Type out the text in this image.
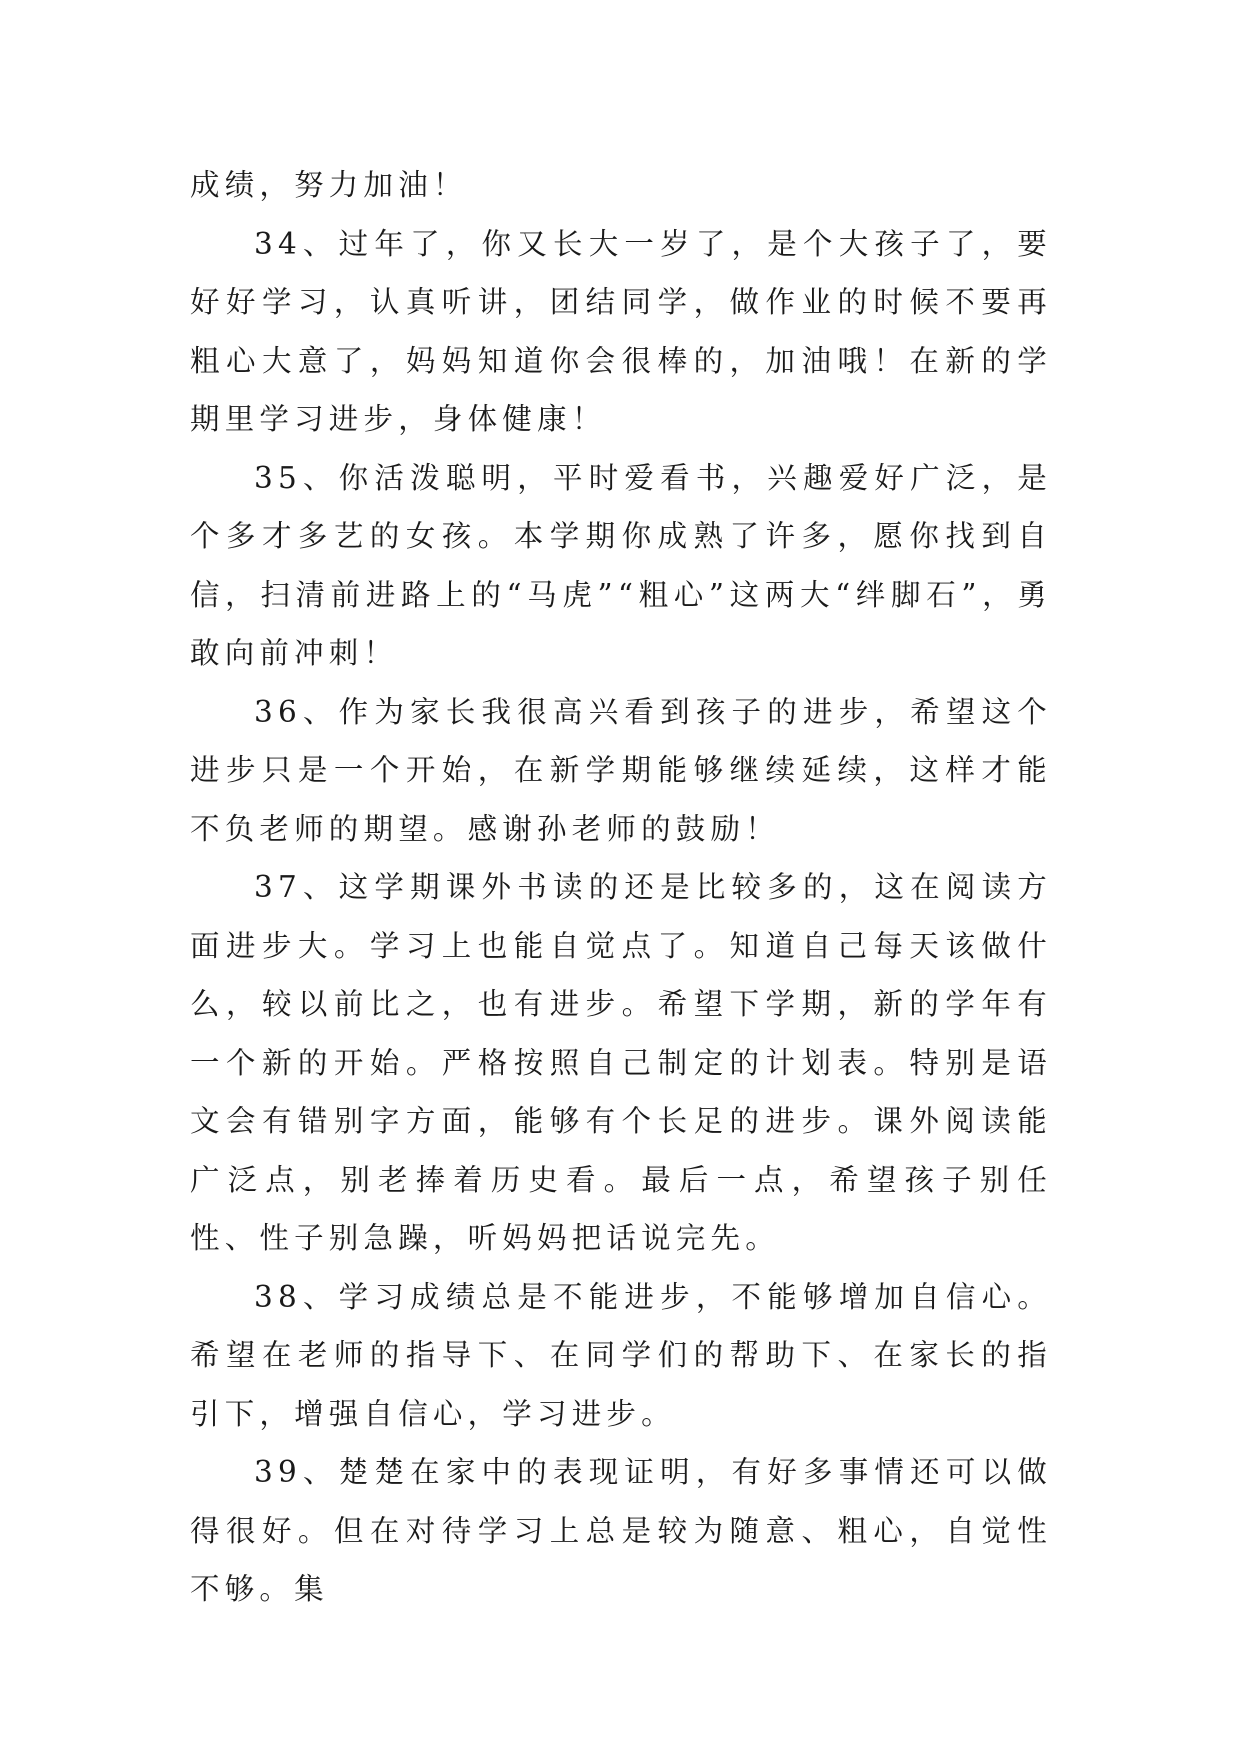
成绩，努力加油！

34、过年了，你又长大一岁了，是个大孩子了，要好好学习，认真听讲，团结同学，做作业的时候不要再粗心大意了，妈妈知道你会很棒的，加油哦！在新的学期里学习进步，身体健康！

35、你活泼聪明，平时爱看书，兴趣爱好广泛，是个多才多艺的女孩。本学期你成熟了许多，愿你找到自信，扫清前进路上的“马虎”“粗心”这两大“绊脚石”，勇敢向前冲刺！

36、作为家长我很高兴看到孩子的进步，希望这个进步只是一个开始，在新学期能够继续延续，这样才能不负老师的期望。感谢孙老师的鼓励！

37、这学期课外书读的还是比较多的，这在阅读方面进步大。学习上也能自觉点了。知道自己每天该做什么，较以前比之，也有进步。希望下学期，新的学年有一个新的开始。严格按照自己制定的计划表。特别是语文会有错别字方面，能够有个长足的进步。课外阅读能广泛点，别老捧着历史看。最后一点，希望孩子别任性、性子别急躁，听妈妈把话说完先。

38、学习成绩总是不能进步，不能够增加自信心。希望在老师的指导下、在同学们的帮助下、在家长的指引下，增强自信心，学习进步。

39、楚楚在家中的表现证明，有好多事情还可以做得很好。但在对待学习上总是较为随意、粗心，自觉性不够。集
